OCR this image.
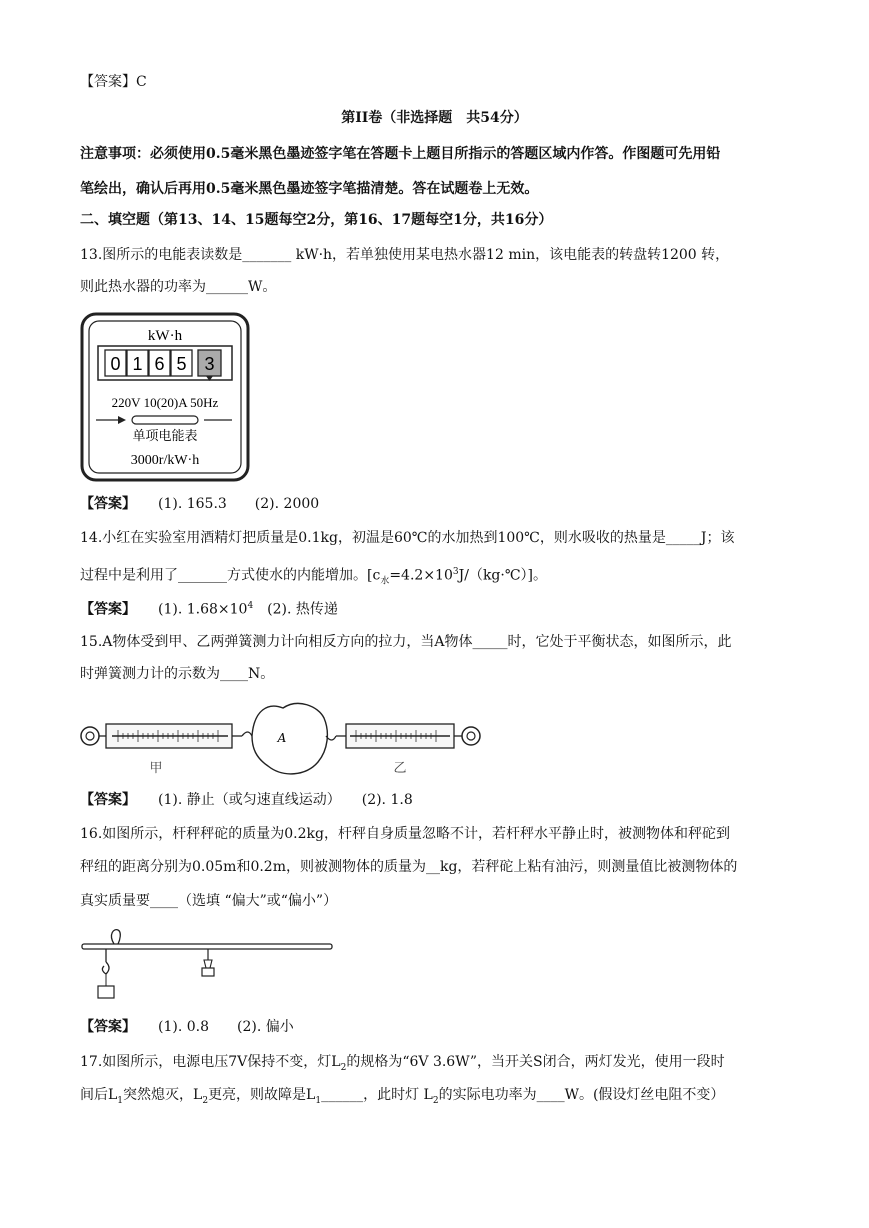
【答案】C
第II卷（非选择题　共54分）
注意事项：必须使用0.5毫米黑色墨迹签字笔在答题卡上题目所指示的答题区域内作答。作图题可先用铅
笔绘出，确认后再用0.5毫米黑色墨迹签字笔描清楚。答在试题卷上无效。
二、填空题（第13、14、15题每空2分，第16、17题每空1分，共16分）
13.图所示的电能表读数是_______ kW·h，若单独使用某电热水器12 min，该电能表的转盘转1200 转，
则此热水器的功率为______W。
kW·h
0 1 6 5 3
220V 10(20)A 50Hz
单项电能表
3000r/kW·h
【答案】 (1). 165.3　　(2). 2000
14.小红在实验室用酒精灯把质量是0.1kg，初温是60℃的水加热到100℃，则水吸收的热量是_____J；该
过程中是利用了_______方式使水的内能增加。$[c_水=4.2\times 10^3J/(kg\cdot℃)]$。
【答案】 (1). $1.68\times 10^4$　(2). 热传递
15.A物体受到甲、乙两弹簧测力计向相反方向的拉力，当A物体_____时，它处于平衡状态，如图所示，此
时弹簧测力计的示数为____N。
A
甲	乙
【答案】 (1). 静止（或匀速直线运动）　　(2). 1.8
16.如图所示，杆秤秤砣的质量为0.2kg，杆秤自身质量忽略不计，若杆秤水平静止时，被测物体和秤砣到
秤纽的距离分别为0.05m和0.2m，则被测物体的质量为__kg，若秤砣上粘有油污，则测量值比被测物体的
真实质量要____（选填 “偏大”或“偏小”）
【答案】 (1). 0.8　　(2). 偏小
17.如图所示，电源电压7V保持不变，灯$L_2$的规格为“6V 3.6W”，当开关S闭合，两灯发光，使用一段时
间后$L_1$突然熄灭，$L_2$更亮，则故障是$L_1\_\_\_\_\_\_$，此时灯 $L_2$的实际电功率为____W。(假设灯丝电阻不变）
